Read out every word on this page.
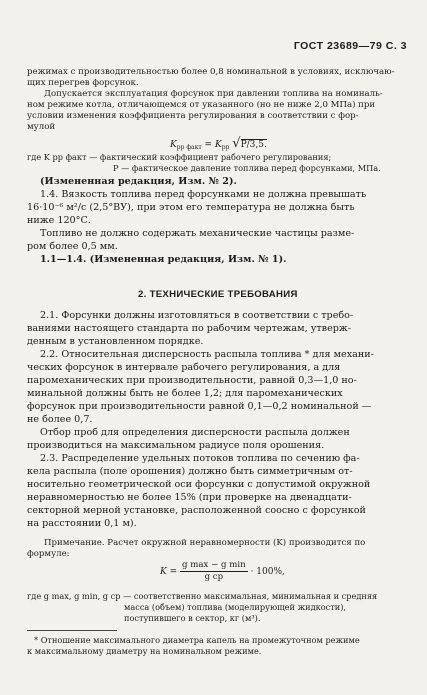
ГОСТ 23689—79 С. 3
режимах с производительностью более 0,8 номинальной в условиях, исключаю-
щих перегрев форсунок.
Допускается эксплуатация форсунок при давлении топлива на номиналь-
ном режиме котла, отличающемся от указанного (но не ниже 2,0 МПа) при
условии изменения коэффициента регулирования в соответствии с фор-
мулой
$K_{рр факт} = K_{рр}$ √P/3,5.
где K рр факт — фактический коэффициент рабочего регулирования;
P — фактическое давление топлива перед форсунками, МПа.
(Измененная редакция, Изм. № 2).
1.4. Вязкость топлива перед форсунками не должна превышать
16·10⁻⁶ м²/с (2,5°ВУ), при этом его температура не должна быть
ниже 120°С.
Топливо не должно содержать механические частицы разме-
ром более 0,5 мм.
1.1—1.4. (Измененная редакция, Изм. № 1).
2. ТЕХНИЧЕСКИЕ ТРЕБОВАНИЯ
2.1. Форсунки должны изготовляться в соответствии с требо-
ваниями настоящего стандарта по рабочим чертежам, утверж-
денным в установленном порядке.
2.2. Относительная дисперсность распыла топлива * для механи-
ческих форсунок в интервале рабочего регулирования, а для
паромеханических при производительности, равной 0,3—1,0 но-
минальной должны быть не более 1,2; для паромеханических
форсунок при производительности равной 0,1—0,2 номинальной —
не более 0,7.
Отбор проб для определения дисперсности распыла должен
производиться на максимальном радиусе поля орошения.
2.3. Распределение удельных потоков топлива по сечению фа-
кела распыла (поле орошения) должно быть симметричным от-
носительно геометрической оси форсунки с допустимой окружной
неравномерностью не более 15% (при проверке на двенадцати-
секторной мерной установке, расположенной соосно с форсункой
на расстоянии 0,1 м).
Примечание. Расчет окружной неравномерности (K) производится по
формуле:
$K = \frac{\text{g max − g min}}{\text{g ср}} \cdot 100\%$,
где g max, g min, g ср — соответственно максимальная, минимальная и средняя
масса (объем) топлива (моделирующей жидкости),
поступившего в сектор, кг (м³).
* Отношение максимального диаметра капель на промежуточном режиме
к максимальному диаметру на номинальном режиме.
